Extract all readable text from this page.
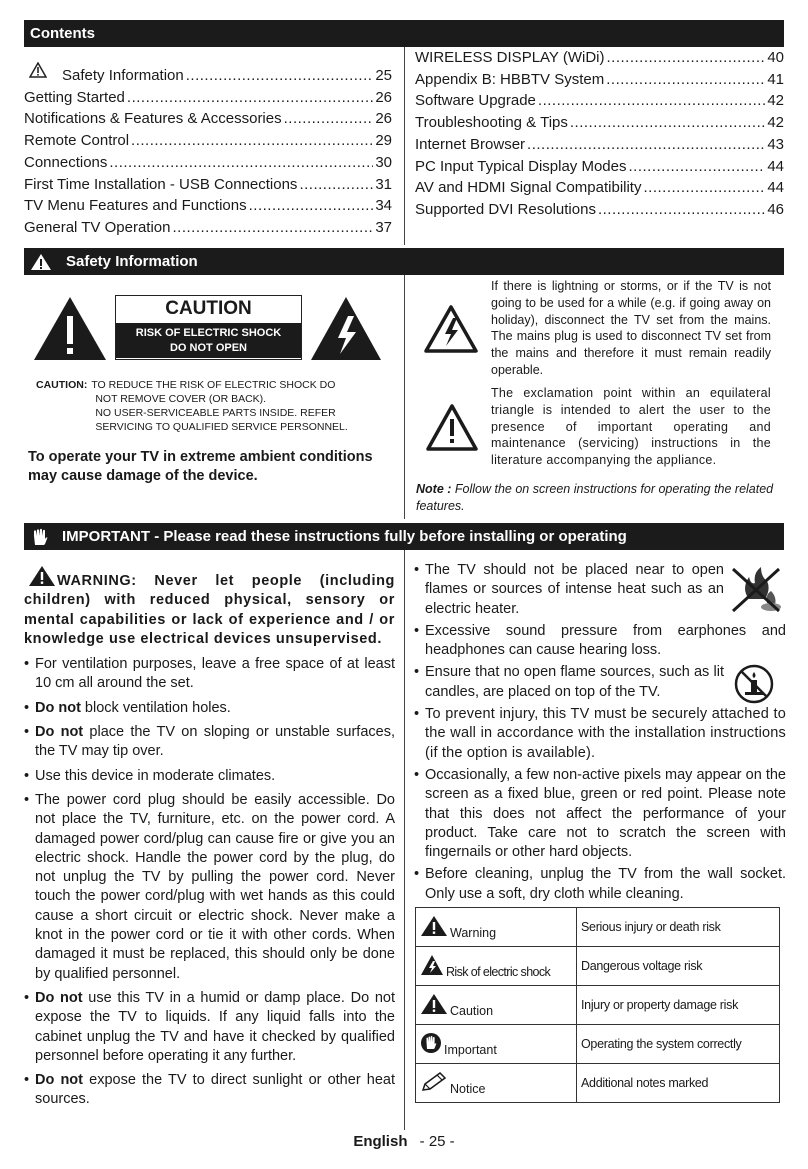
Contents
Safety Information .....	25
Getting Started .....	26
Notifications & Features & Accessories .....	26
Remote Control .....	29
Connections .....	30
First Time Installation - USB Connections .....	31
TV Menu Features and Functions .....	34
General TV Operation .....	37
WIRELESS DISPLAY (WiDi) .....	40
Appendix B: HBBTV System .....	41
Software Upgrade .....	42
Troubleshooting & Tips .....	42
Internet Browser .....	43
PC Input Typical Display Modes .....	44
AV and HDMI Signal Compatibility .....	44
Supported DVI Resolutions .....	46
Safety Information
CAUTION
RISK OF ELECTRIC SHOCK
DO NOT OPEN
CAUTION: TO REDUCE THE RISK OF ELECTRIC SHOCK DO
NOT REMOVE COVER (OR BACK).
NO USER-SERVICEABLE PARTS INSIDE. REFER
SERVICING TO QUALIFIED SERVICE PERSONNEL.
To operate your TV in extreme ambient conditions may cause damage of the device.
If there is lightning or storms, or if the TV is not going to be used for a while (e.g. if going away on holiday), disconnect the TV set from the mains. The mains plug is used to disconnect TV set from the mains and therefore it must remain readily operable.
The exclamation point within an equilateral triangle is intended to alert the user to the presence of important operating and maintenance (servicing) instructions in the literature accompanying the appliance.
Note : Follow the on screen instructions for operating the related features.
IMPORTANT - Please read these instructions fully before installing or operating
WARNING: Never let people (including children) with reduced physical, sensory or mental capabilities or lack of experience and / or knowledge use electrical devices unsupervised.
• For ventilation purposes, leave a free space of at least 10 cm all around the set.
• Do not block ventilation holes.
• Do not place the TV on sloping or unstable surfaces, the TV may tip over.
• Use this device in moderate climates.
• The power cord plug should be easily accessible. Do not place the TV, furniture, etc. on the power cord. A damaged power cord/plug can cause fire or give you an electric shock. Handle the power cord by the plug, do not unplug the TV by pulling the power cord. Never touch the power cord/plug with wet hands as this could cause a short circuit or electric shock. Never make a knot in the power cord or tie it with other cords. When damaged it must be replaced, this should only be done by qualified personnel.
• Do not use this TV in a humid or damp place. Do not expose the TV to liquids. If any liquid falls into the cabinet unplug the TV and have it checked by qualified personnel before operating it any further.
• Do not expose the TV to direct sunlight or other heat sources.
• The TV should not be placed near to open flames or sources of intense heat such as an electric heater.
• Excessive sound pressure from earphones and headphones can cause hearing loss.
• Ensure that no open flame sources, such as lit candles, are placed on top of the TV.
• To prevent injury, this TV must be securely attached to the wall in accordance with the installation instructions (if the option is available).
• Occasionally, a few non-active pixels may appear on the screen as a fixed blue, green or red point. Please note that this does not affect the performance of your product. Take care not to scratch the screen with fingernails or other hard objects.
• Before cleaning, unplug the TV from the wall socket. Only use a soft, dry cloth while cleaning.
Warning	Serious injury or death risk
Risk of electric shock	Dangerous voltage risk
Caution	Injury or property damage risk
Important	Operating the system correctly
Notice	Additional notes marked
English - 25 -
